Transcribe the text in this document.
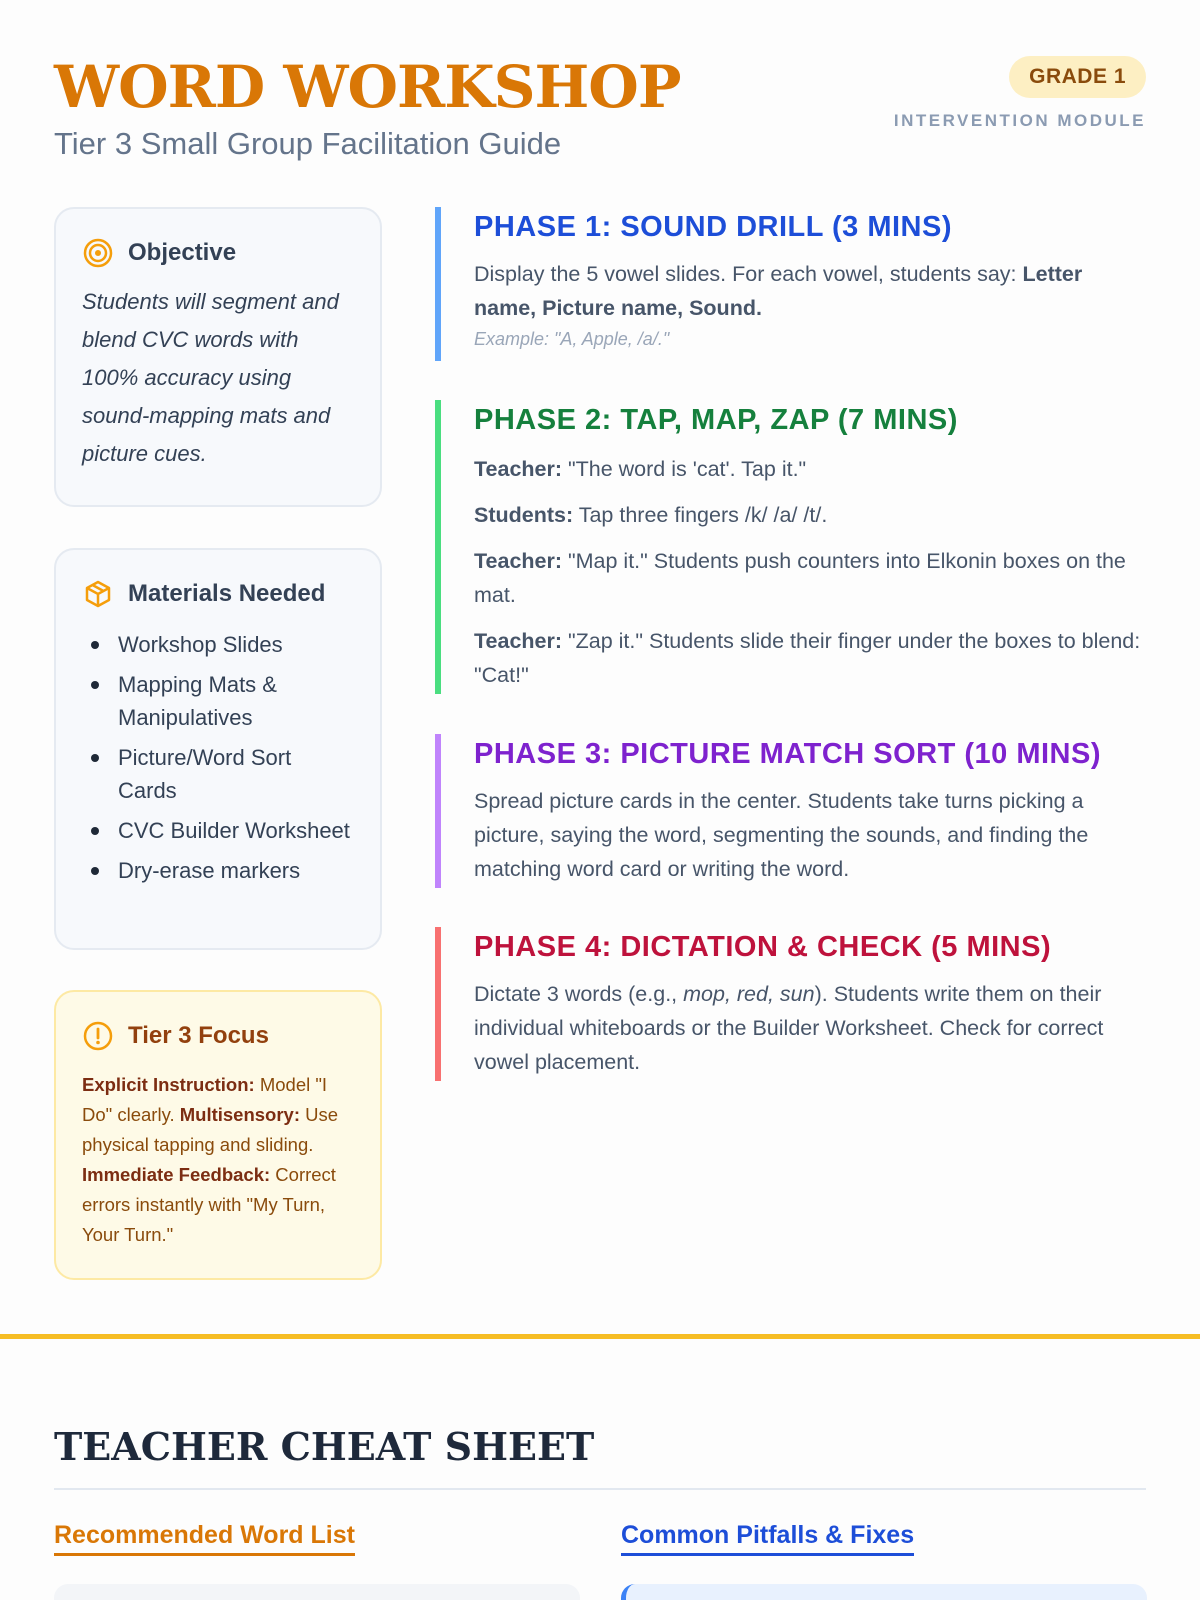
WORD WORKSHOP
Tier 3 Small Group Facilitation Guide
GRADE 1
INTERVENTION MODULE
Objective

Students will segment and blend CVC words with 100% accuracy using sound-mapping mats and picture cues.

Materials Needed
Workshop Slides
Mapping Mats & Manipulatives
Picture/Word Sort Cards
CVC Builder Worksheet
Dry-erase markers
Tier 3 Focus

Explicit Instruction: Model "I Do" clearly. Multisensory: Use physical tapping and sliding. Immediate Feedback: Correct errors instantly with "My Turn, Your Turn."

PHASE 1: SOUND DRILL (3 MINS)

Display the 5 vowel slides. For each vowel, students say: Letter name, Picture name, Sound.

Example: "A, Apple, /a/."
PHASE 2: TAP, MAP, ZAP (7 MINS)

Teacher: "The word is 'cat'. Tap it."

Students: Tap three fingers /k/ /a/ /t/.

Teacher: "Map it." Students push counters into Elkonin boxes on the mat.

Teacher: "Zap it." Students slide their finger under the boxes to blend: "Cat!"

PHASE 3: PICTURE MATCH SORT (10 MINS)

Spread picture cards in the center. Students take turns picking a picture, saying the word, segmenting the sounds, and finding the matching word card or writing the word.

PHASE 4: DICTATION & CHECK (5 MINS)

Dictate 3 words (e.g., mop, red, sun). Students write them on their individual whiteboards or the Builder Worksheet. Check for correct vowel placement.

TEACHER CHEAT SHEET
Recommended Word List	Common Pitfalls & Fixes
